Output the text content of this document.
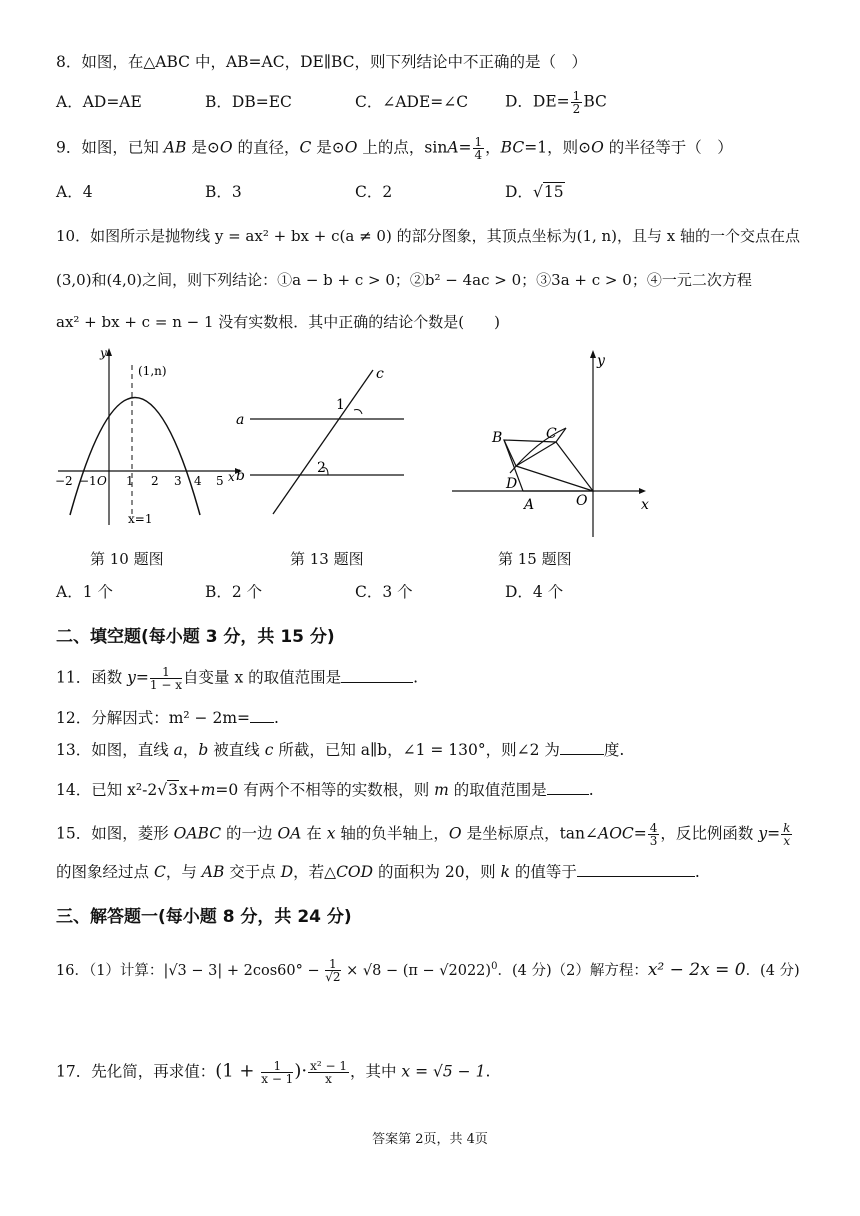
8．如图，在△ABC 中，AB=AC，DE∥BC，则下列结论中不正确的是（　）
A．AD=AE	B．DB=EC	C．∠ADE=∠C D．$DE= \frac{1}{2}$ BC
9．如图，已知 AB 是⊙O 的直径，C 是⊙O 上的点，$\sin A= \frac{1}{4}$ ，BC=1，则⊙O 的半径等于（　）
A．4	B．3	C．2	D．√15
10．如图所示是抛物线 y = ax² + bx + c(a ≠ 0) 的部分图象，其顶点坐标为(1, n)，且与 x 轴的一个交点在点
(3,0)和(4,0)之间，则下列结论：①a − b + c > 0；②b² − 4ac > 0；③3a + c > 0；④一元二次方程
ax² + bx + c = n − 1 没有实数根．其中正确的结论个数是(　　)
y
x
(1,n)
O
−2 −1 1 2 3 4 5
x=1
a
b
c
1
2
y
x
B	C
D
A	O
第 10 题图	第 13 题图	第 15 题图
A．1 个	B．2 个	C．3 个	D．4 个
二、填空题(每小题 3 分，共 15 分)
11．函数 $y= \frac{1}{1 - x}$ 自变量 x 的取值范围是	.
12．分解因式：m² − 2m= .
13．如图，直线 a，b 被直线 c 所截，已知 a∥b，∠1 = 130°，则∠2 为	度.
14．已知 x²-2√3x+m=0 有两个不相等的实数根，则 m 的取值范围是	.
15．如图，菱形 OABC 的一边 OA 在 x 轴的负半轴上，O 是坐标原点，tan∠AOC= $\frac{4}{3}$ ，反比例函数 $y= \frac{k}{x}$
的图象经过点 C，与 AB 交于点 D，若△COD 的面积为 20，则 k 的值等于	.
三、解答题一(每小题 8 分，共 24 分)
16．（1）计算：$|√3 - 3| + 2\cos 60^\circ - \frac{1}{√2} \times √8 - (\pi - √2022)^0$．(4 分)（2）解方程：x² − 2x = 0．(4 分)
17．先化简，再求值：($1 + \frac{1}{x - 1}$ )· $\frac{\text{x² − 1}}{x}$ ，其中 x = √5 − 1.
答案第 2页，共 4页
